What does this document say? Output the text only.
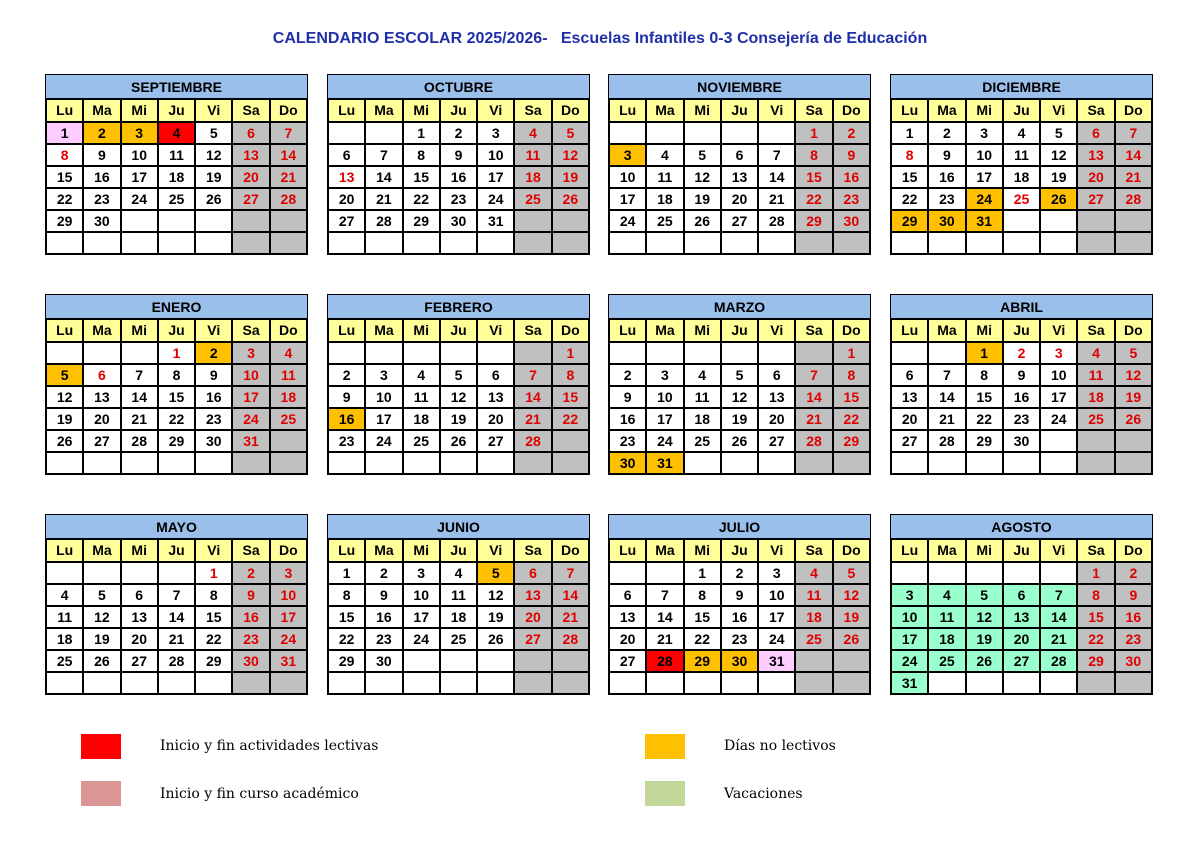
CALENDARIO ESCOLAR 2025/2026-   Escuelas Infantiles 0-3 Consejería de Educación
SEPTIEMBRE
Lu	Ma	Mi	Ju	Vi	Sa	Do
1	2	3	4	5	6	7
8	9	10	11	12	13	14
15	16	17	18	19	20	21
22	23	24	25	26	27	28
29	30					

OCTUBRE
Lu	Ma	Mi	Ju	Vi	Sa	Do
		1	2	3	4	5
6	7	8	9	10	11	12
13	14	15	16	17	18	19
20	21	22	23	24	25	26
27	28	29	30	31		

NOVIEMBRE
Lu	Ma	Mi	Ju	Vi	Sa	Do
					1	2
3	4	5	6	7	8	9
10	11	12	13	14	15	16
17	18	19	20	21	22	23
24	25	26	27	28	29	30

DICIEMBRE
Lu	Ma	Mi	Ju	Vi	Sa	Do
1	2	3	4	5	6	7
8	9	10	11	12	13	14
15	16	17	18	19	20	21
22	23	24	25	26	27	28
29	30	31				

ENERO
Lu	Ma	Mi	Ju	Vi	Sa	Do
			1	2	3	4
5	6	7	8	9	10	11
12	13	14	15	16	17	18
19	20	21	22	23	24	25
26	27	28	29	30	31	

FEBRERO
Lu	Ma	Mi	Ju	Vi	Sa	Do
						1
2	3	4	5	6	7	8
9	10	11	12	13	14	15
16	17	18	19	20	21	22
23	24	25	26	27	28	

MARZO
Lu	Ma	Mi	Ju	Vi	Sa	Do
						1
2	3	4	5	6	7	8
9	10	11	12	13	14	15
16	17	18	19	20	21	22
23	24	25	26	27	28	29
30	31					
ABRIL
Lu	Ma	Mi	Ju	Vi	Sa	Do
		1	2	3	4	5
6	7	8	9	10	11	12
13	14	15	16	17	18	19
20	21	22	23	24	25	26
27	28	29	30			

MAYO
Lu	Ma	Mi	Ju	Vi	Sa	Do
				1	2	3
4	5	6	7	8	9	10
11	12	13	14	15	16	17
18	19	20	21	22	23	24
25	26	27	28	29	30	31

JUNIO
Lu	Ma	Mi	Ju	Vi	Sa	Do
1	2	3	4	5	6	7
8	9	10	11	12	13	14
15	16	17	18	19	20	21
22	23	24	25	26	27	28
29	30					

JULIO
Lu	Ma	Mi	Ju	Vi	Sa	Do
		1	2	3	4	5
6	7	8	9	10	11	12
13	14	15	16	17	18	19
20	21	22	23	24	25	26
27	28	29	30	31		

AGOSTO
Lu	Ma	Mi	Ju	Vi	Sa	Do
					1	2
3	4	5	6	7	8	9
10	11	12	13	14	15	16
17	18	19	20	21	22	23
24	25	26	27	28	29	30
31						
Inicio y fin actividades lectivas
Inicio y fin curso académico
Días no lectivos
Vacaciones
